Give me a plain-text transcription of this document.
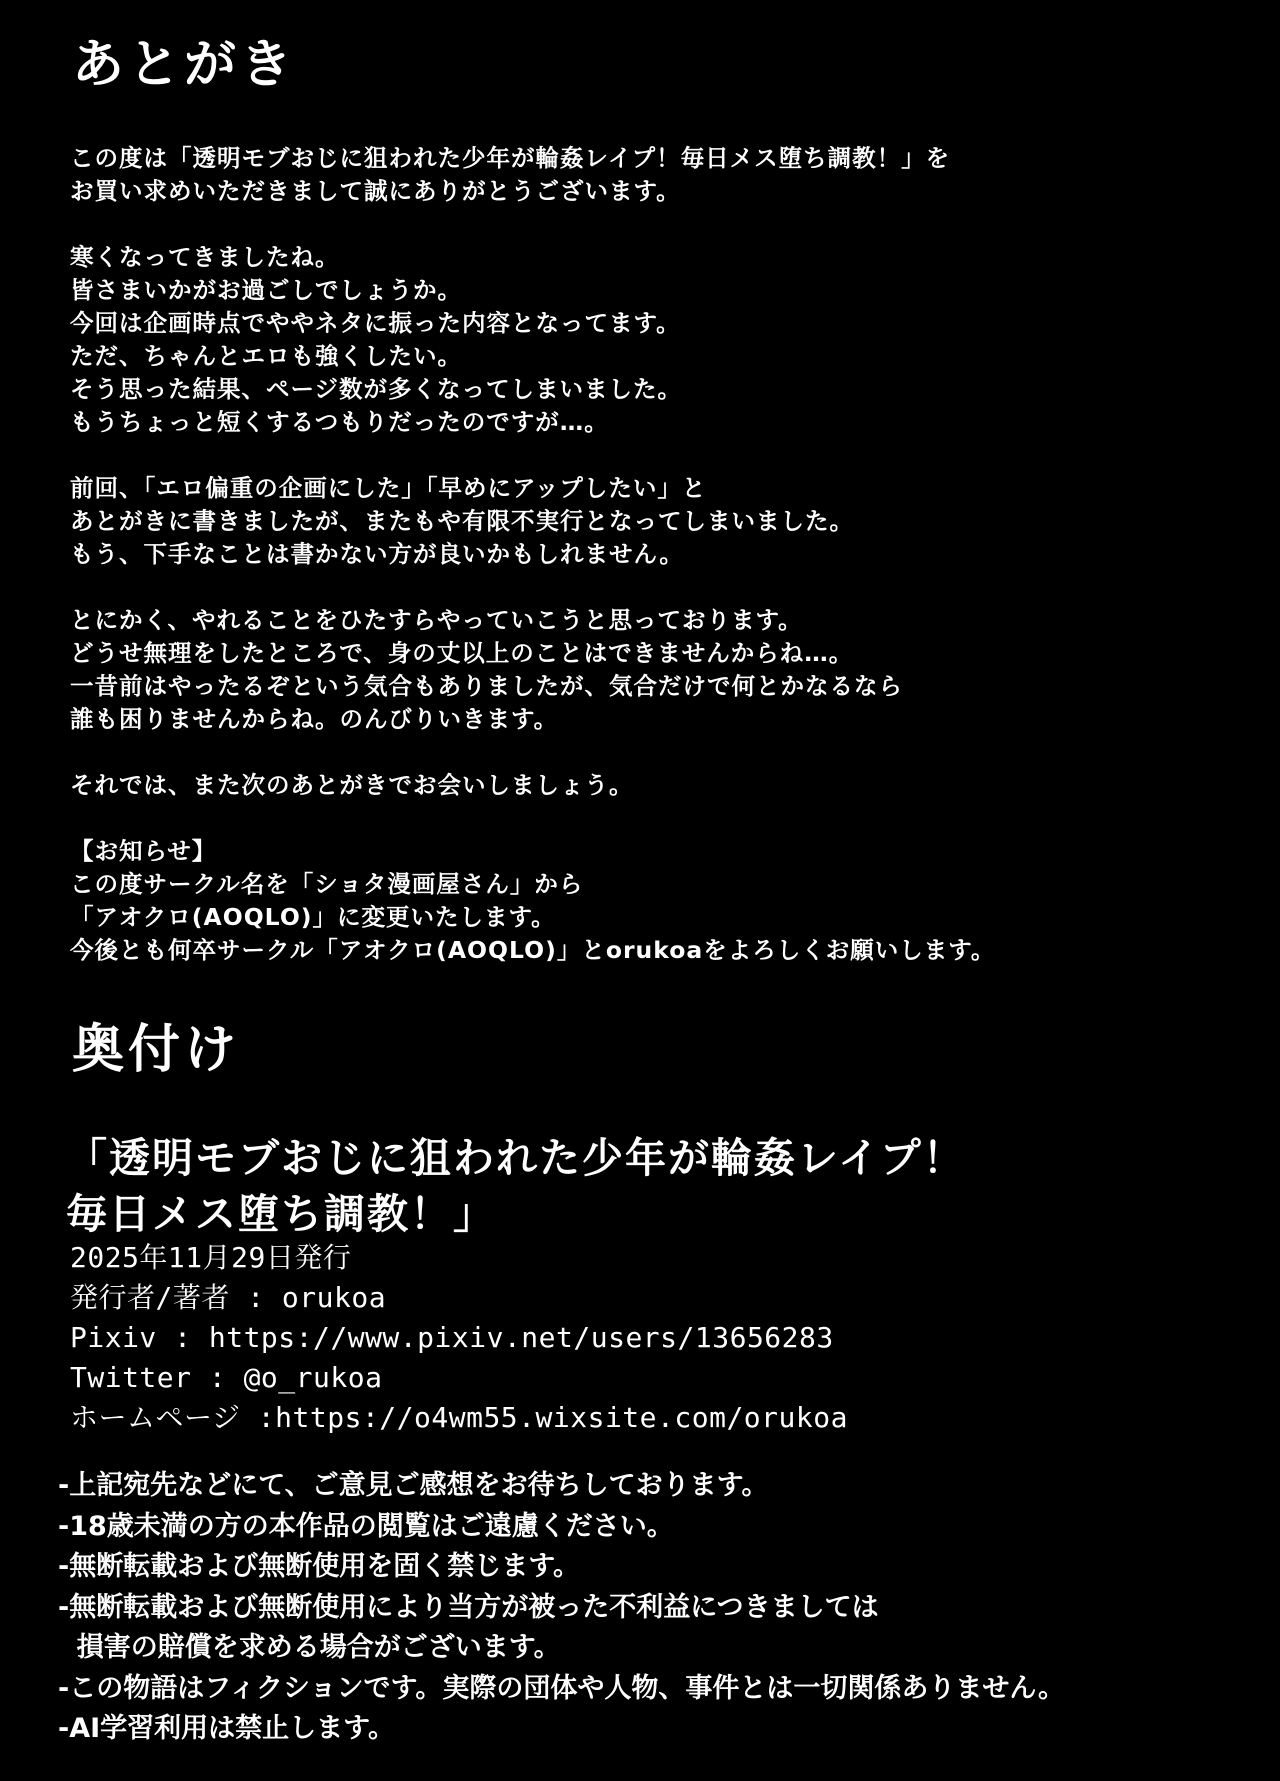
あとがき
この度は「透明モブおじに狙われた少年が輪姦レイプ！毎日メス堕ち調教！」を
お買い求めいただきまして誠にありがとうございます。
寒くなってきましたね。
皆さまいかがお過ごしでしょうか。
今回は企画時点でややネタに振った内容となってます。
ただ、ちゃんとエロも強くしたい。
そう思った結果、ページ数が多くなってしまいました。
もうちょっと短くするつもりだったのですが…。
前回、「エロ偏重の企画にした」「早めにアップしたい」と
あとがきに書きましたが、またもや有限不実行となってしまいました。
もう、下手なことは書かない方が良いかもしれません。
とにかく、やれることをひたすらやっていこうと思っております。
どうせ無理をしたところで、身の丈以上のことはできませんからね…。
一昔前はやったるぞという気合もありましたが、気合だけで何とかなるなら
誰も困りませんからね。のんびりいきます。
それでは、また次のあとがきでお会いしましょう。
【お知らせ】
この度サークル名を「ショタ漫画屋さん」から
「アオクロ(AOQLO)」に変更いたします。
今後とも何卒サークル「アオクロ(AOQLO)」とorukoaをよろしくお願いします。
奥付け
「透明モブおじに狙われた少年が輪姦レイプ！
毎日メス堕ち調教！」
2025年11月29日発行
発行者/著者 : orukoa
Pixiv : https://www.pixiv.net/users/13656283
Twitter : @o_rukoa
ホームページ :https://o4wm55.wixsite.com/orukoa
-上記宛先などにて、ご意見ご感想をお待ちしております。
-18歳未満の方の本作品の閲覧はご遠慮ください。
-無断転載および無断使用を固く禁じます。
-無断転載および無断使用により当方が被った不利益につきましては
損害の賠償を求める場合がございます。
-この物語はフィクションです。実際の団体や人物、事件とは一切関係ありません。
-AI学習利用は禁止します。
